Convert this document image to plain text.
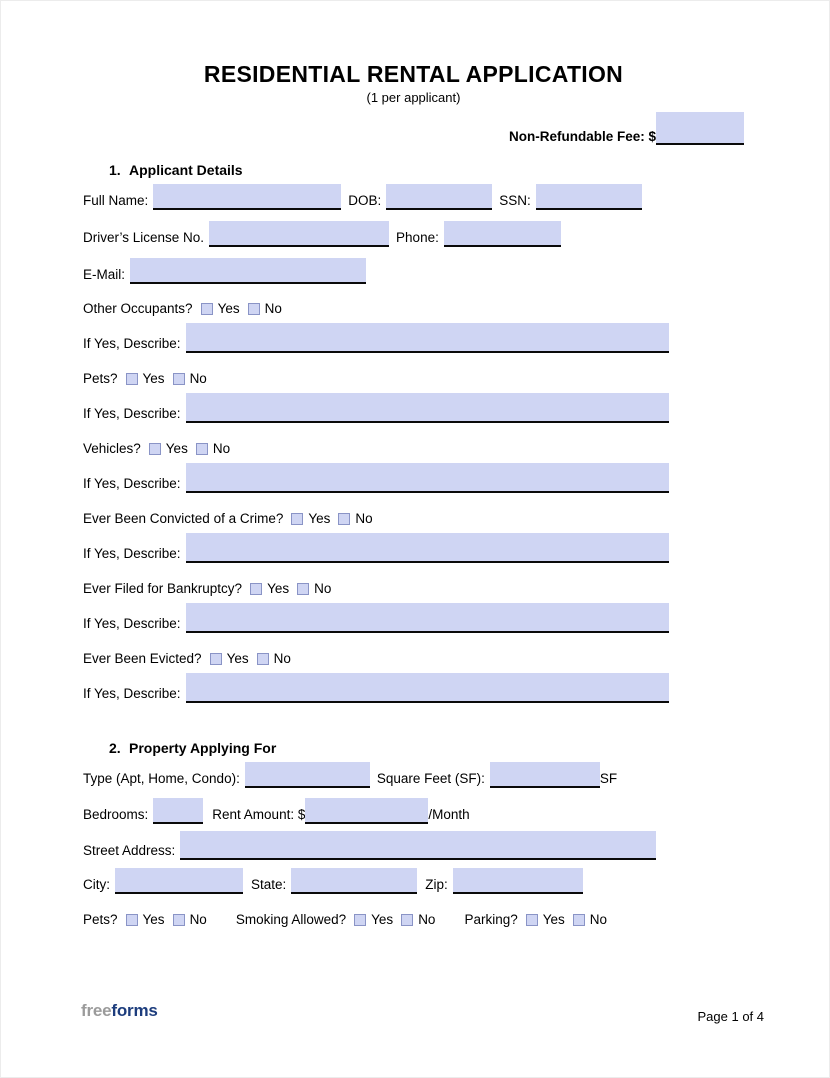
RESIDENTIAL RENTAL APPLICATION
(1 per applicant)
Non-Refundable Fee: $
1. Applicant Details
Full Name:	DOB:	SSN:
Driver’s License No.	Phone:
E-Mail:
Other Occupants? Yes No
If Yes, Describe:
Pets? Yes No
If Yes, Describe:
Vehicles? Yes No
If Yes, Describe:
Ever Been Convicted of a Crime? Yes No
If Yes, Describe:
Ever Filed for Bankruptcy? Yes No
If Yes, Describe:
Ever Been Evicted? Yes No
If Yes, Describe:
2. Property Applying For
Type (Apt, Home, Condo):	Square Feet (SF):	SF
Bedrooms:	Rent Amount: $	/Month
Street Address:
City:	State:	Zip:
Pets? Yes No Smoking Allowed? Yes No Parking? Yes No
freeforms	Page 1 of 4
